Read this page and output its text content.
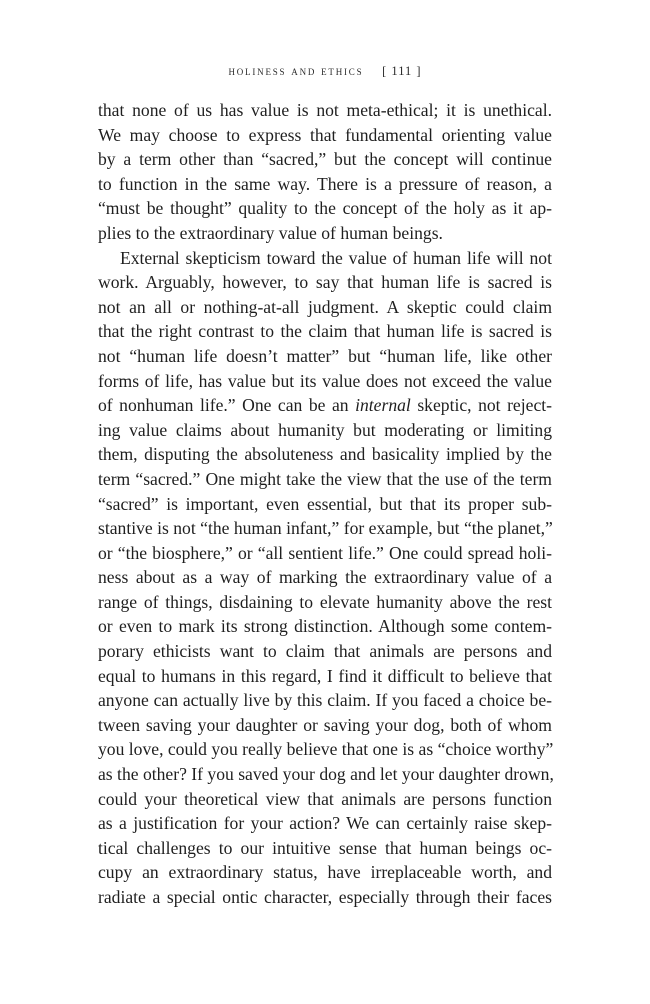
holiness and ethics [ 111 ]
that none of us has value is not meta-ethical; it is unethical.
We may choose to express that fundamental orienting value
by a term other than “sacred,” but the concept will continue
to function in the same way. There is a pressure of reason, a
“must be thought” quality to the concept of the holy as it ap-
plies to the extraordinary value of human beings.
External skepticism toward the value of human life will not
work. Arguably, however, to say that human life is sacred is
not an all or nothing-at-all judgment. A skeptic could claim
that the right contrast to the claim that human life is sacred is
not “human life doesn’t matter” but “human life, like other
forms of life, has value but its value does not exceed the value
of nonhuman life.” One can be an internal skeptic, not reject-
ing value claims about humanity but moderating or limiting
them, disputing the absoluteness and basicality implied by the
term “sacred.” One might take the view that the use of the term
“sacred” is important, even essential, but that its proper sub-
stantive is not “the human infant,” for example, but “the planet,”
or “the biosphere,” or “all sentient life.” One could spread holi-
ness about as a way of marking the extraordinary value of a
range of things, disdaining to elevate humanity above the rest
or even to mark its strong distinction. Although some contem-
porary ethicists want to claim that animals are persons and
equal to humans in this regard, I find it difficult to believe that
anyone can actually live by this claim. If you faced a choice be-
tween saving your daughter or saving your dog, both of whom
you love, could you really believe that one is as “choice worthy”
as the other? If you saved your dog and let your daughter drown,
could your theoretical view that animals are persons function
as a justification for your action? We can certainly raise skep-
tical challenges to our intuitive sense that human beings oc-
cupy an extraordinary status, have irreplaceable worth, and
radiate a special ontic character, especially through their faces
